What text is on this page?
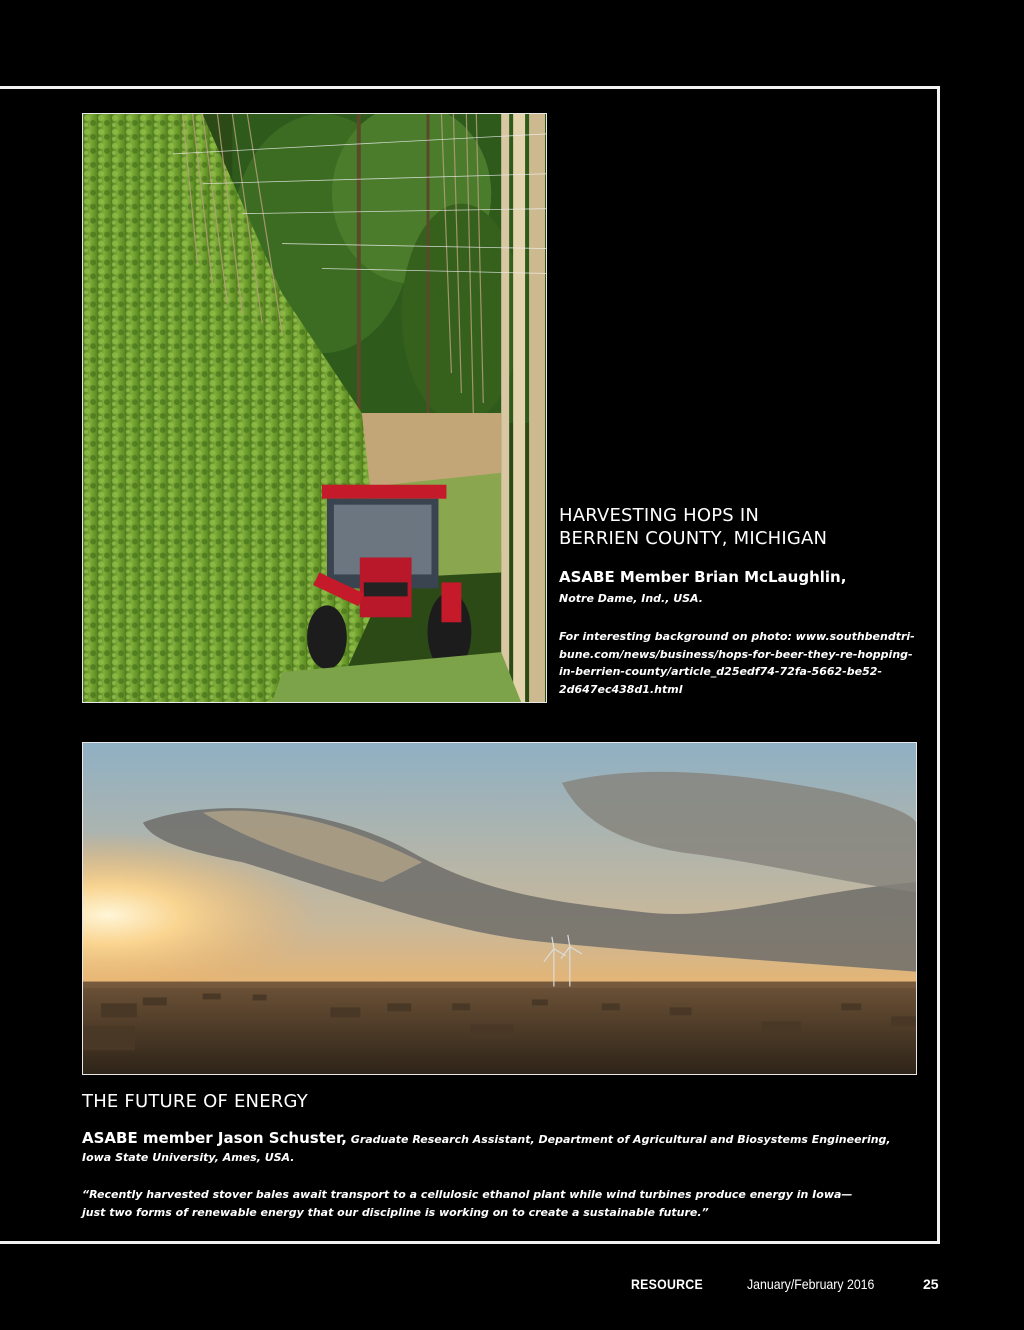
HARVESTING HOPS IN
BERRIEN COUNTY, MICHIGAN

ASABE Member Brian McLaughlin,

Notre Dame, Ind., USA.

For interesting background on photo: www.southbendtri-
bune.com/news/business/hops-for-beer-they-re-hopping-
in-berrien-county/article_d25edf74-72fa-5662-be52-
2d647ec438d1.html

THE FUTURE OF ENERGY

ASABE member Jason Schuster, Graduate Research Assistant, Department of Agricultural and Biosystems Engineering,
Iowa State University, Ames, USA.

“Recently harvested stover bales await transport to a cellulosic ethanol plant while wind turbines produce energy in Iowa—
just two forms of renewable energy that our discipline is working on to create a sustainable future.”

RESOURCE	January/February 2016	25
